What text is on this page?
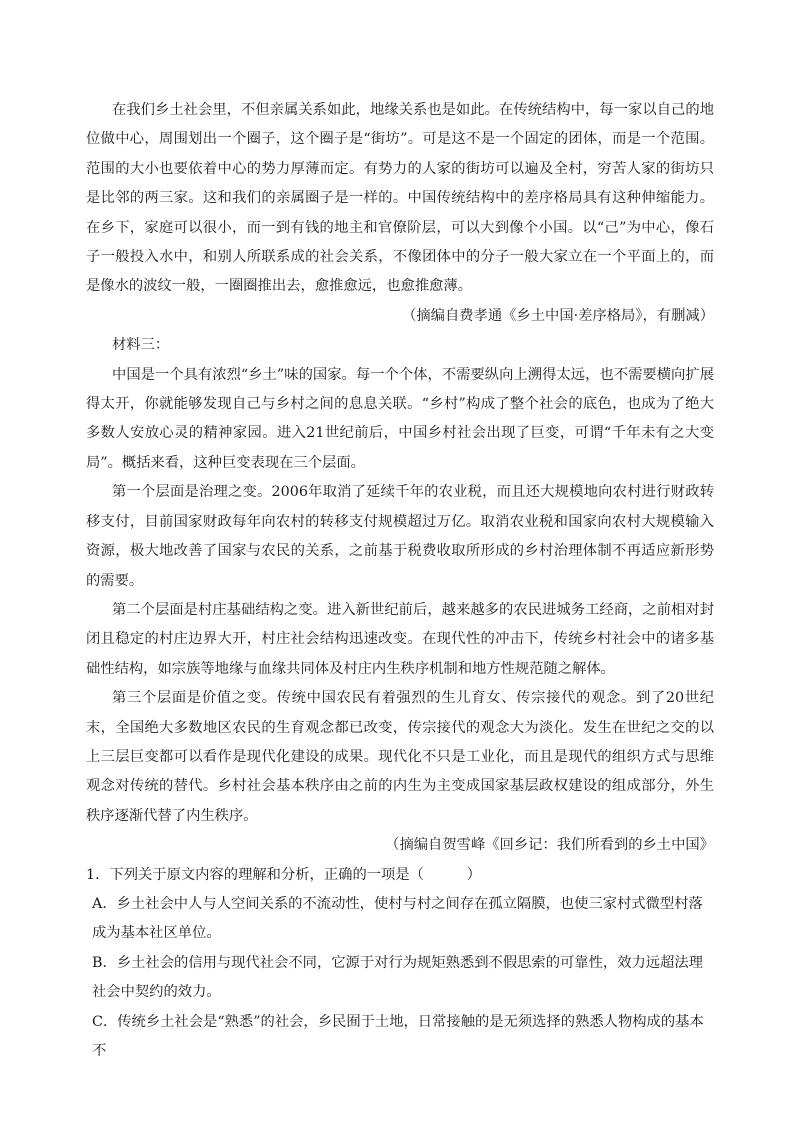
在我们乡土社会里，不但亲属关系如此，地缘关系也是如此。在传统结构中，每一家以自己的地位做中心，周围划出一个圈子，这个圈子是“街坊”。可是这不是一个固定的团体，而是一个范围。范围的大小也要依着中心的势力厚薄而定。有势力的人家的街坊可以遍及全村，穷苦人家的街坊只是比邻的两三家。这和我们的亲属圈子是一样的。中国传统结构中的差序格局具有这种伸缩能力。在乡下，家庭可以很小，而一到有钱的地主和官僚阶层，可以大到像个小国。以“己”为中心，像石子一般投入水中，和别人所联系成的社会关系，不像团体中的分子一般大家立在一个平面上的，而是像水的波纹一般，一圈圈推出去，愈推愈远，也愈推愈薄。

（摘编自费孝通《乡土中国·差序格局》，有删减）

材料三：

中国是一个具有浓烈“乡土”味的国家。每一个个体，不需要纵向上溯得太远，也不需要横向扩展得太开，你就能够发现自己与乡村之间的息息关联。“乡村”构成了整个社会的底色，也成为了绝大多数人安放心灵的精神家园。进入21世纪前后，中国乡村社会出现了巨变，可谓“千年未有之大变局”。概括来看，这种巨变表现在三个层面。

第一个层面是治理之变。2006年取消了延续千年的农业税，而且还大规模地向农村进行财政转移支付，目前国家财政每年向农村的转移支付规模超过万亿。取消农业税和国家向农村大规模输入资源，极大地改善了国家与农民的关系，之前基于税费收取所形成的乡村治理体制不再适应新形势的需要。

第二个层面是村庄基础结构之变。进入新世纪前后，越来越多的农民进城务工经商，之前相对封闭且稳定的村庄边界大开，村庄社会结构迅速改变。在现代性的冲击下，传统乡村社会中的诸多基础性结构，如宗族等地缘与血缘共同体及村庄内生秩序机制和地方性规范随之解体。

第三个层面是价值之变。传统中国农民有着强烈的生儿育女、传宗接代的观念。到了20世纪末，全国绝大多数地区农民的生育观念都已改变，传宗接代的观念大为淡化。发生在世纪之交的以上三层巨变都可以看作是现代化建设的成果。现代化不只是工业化，而且是现代的组织方式与思维观念对传统的替代。乡村社会基本秩序由之前的内生为主变成国家基层政权建设的组成部分，外生秩序逐渐代替了内生秩序。

（摘编自贺雪峰《回乡记：我们所看到的乡土中国》

1．下列关于原文内容的理解和分析，正确的一项是（　　　）

A．乡土社会中人与人空间关系的不流动性，使村与村之间存在孤立隔膜，也使三家村式微型村落成为基本社区单位。
B．乡土社会的信用与现代社会不同，它源于对行为规矩熟悉到不假思索的可靠性，效力远超法理社会中契约的效力。
C．传统乡土社会是“熟悉”的社会，乡民囿于土地，日常接触的是无须选择的熟悉人物构成的基本不
